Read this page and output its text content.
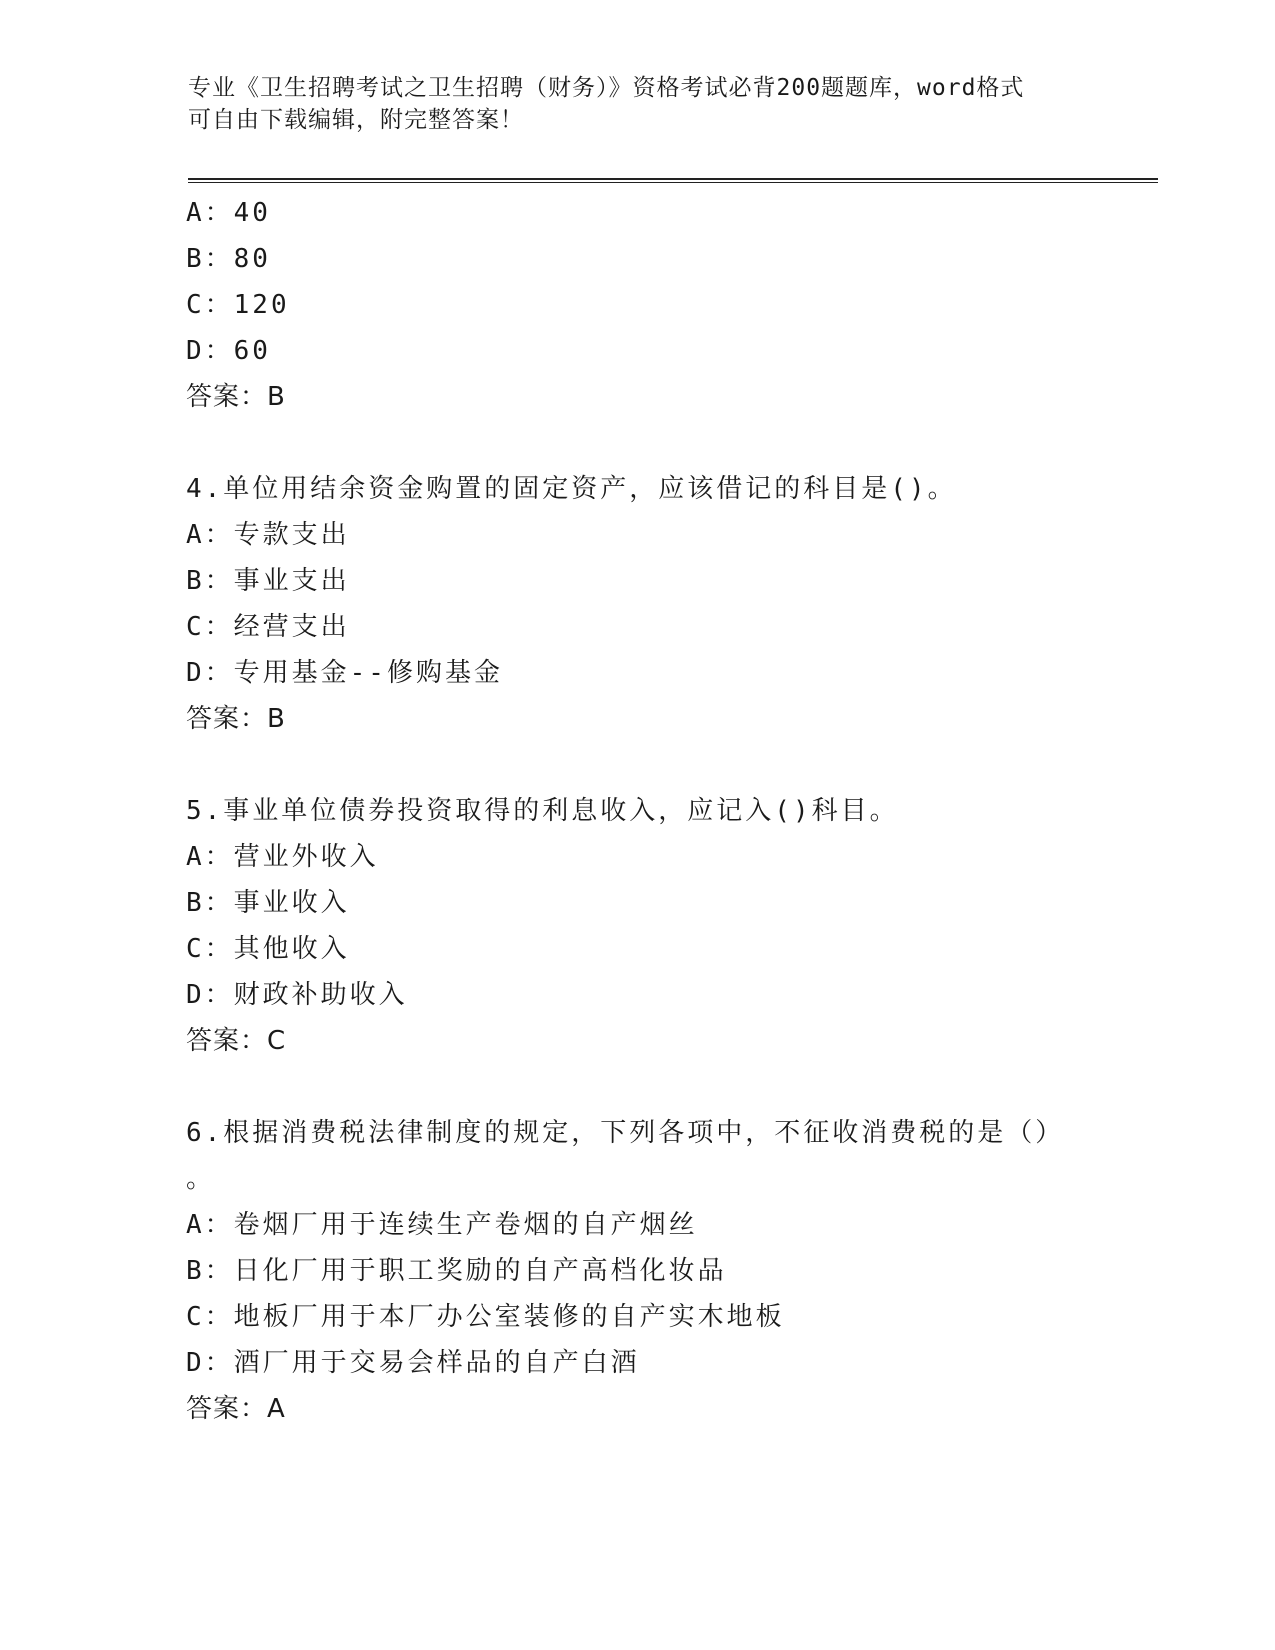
专业《卫生招聘考试之卫生招聘（财务）》资格考试必背200题题库，word格式
可自由下载编辑，附完整答案！
A：40
B：80
C：120
D：60
答案：B
4.单位用结余资金购置的固定资产，应该借记的科目是()。
A：专款支出
B：事业支出
C：经营支出
D：专用基金--修购基金
答案：B
5.事业单位债券投资取得的利息收入，应记入()科目。
A：营业外收入
B：事业收入
C：其他收入
D：财政补助收入
答案：C
6.根据消费税法律制度的规定，下列各项中，不征收消费税的是（）
。
A：卷烟厂用于连续生产卷烟的自产烟丝
B：日化厂用于职工奖励的自产高档化妆品
C：地板厂用于本厂办公室装修的自产实木地板
D：酒厂用于交易会样品的自产白酒
答案：A
